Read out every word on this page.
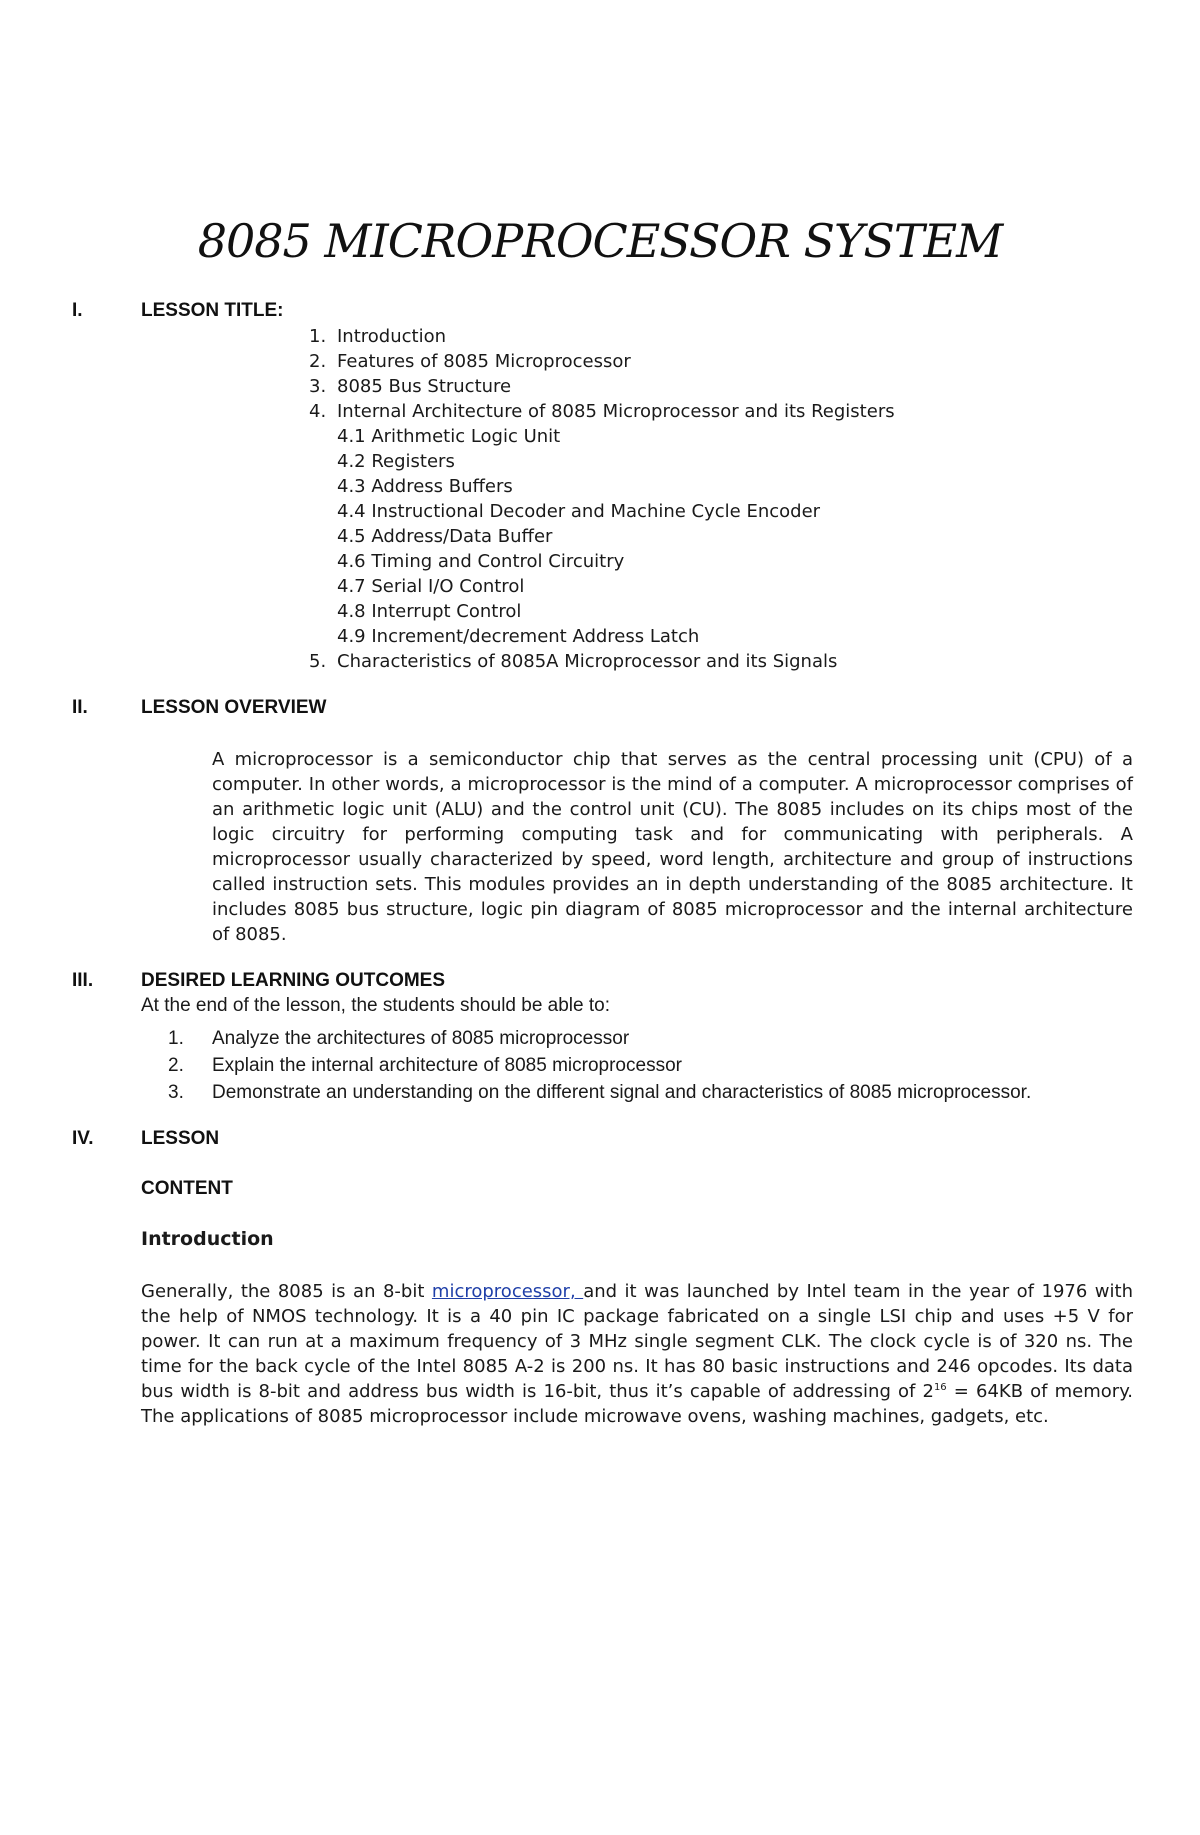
8085 MICROPROCESSOR SYSTEM
I.	LESSON TITLE:
1. Introduction
2. Features of 8085 Microprocessor
3. 8085 Bus Structure
4. Internal Architecture of 8085 Microprocessor and its Registers
4.1 Arithmetic Logic Unit
4.2 Registers
4.3 Address Buffers
4.4 Instructional Decoder and Machine Cycle Encoder
4.5 Address/Data Buffer
4.6 Timing and Control Circuitry
4.7 Serial I/O Control
4.8 Interrupt Control
4.9 Increment/decrement Address Latch
5. Characteristics of 8085A Microprocessor and its Signals
II.	LESSON OVERVIEW
A microprocessor is a semiconductor chip that serves as the central processing unit (CPU) of a computer. In other words, a microprocessor is the mind of a computer. A microprocessor comprises of an arithmetic logic unit (ALU) and the control unit (CU). The 8085 includes on its chips most of the logic circuitry for performing computing task and for communicating with peripherals. A microprocessor usually characterized by speed, word length, architecture and group of instructions called instruction sets. This modules provides an in depth understanding of the 8085 architecture. It includes 8085 bus structure, logic pin diagram of 8085 microprocessor and the internal architecture of 8085.
III.	DESIRED LEARNING OUTCOMES
At the end of the lesson, the students should be able to:
1.	Analyze the architectures of 8085 microprocessor
2.	Explain the internal architecture of 8085 microprocessor
3.	Demonstrate an understanding on the different signal and characteristics of 8085 microprocessor.
IV.	LESSON
CONTENT
Introduction
Generally, the 8085 is an 8-bit microprocessor, and it was launched by Intel team in the year of 1976 with the help of NMOS technology. It is a 40 pin IC package fabricated on a single LSI chip and uses +5 V for power. It can run at a maximum frequency of 3 MHz single segment CLK. The clock cycle is of 320 ns. The time for the back cycle of the Intel 8085 A-2 is 200 ns. It has 80 basic instructions and 246 opcodes. Its data bus width is 8-bit and address bus width is 16-bit, thus it’s capable of addressing of $2^{16} = 64KB$ of memory. The applications of 8085 microprocessor include microwave ovens, washing machines, gadgets, etc.
